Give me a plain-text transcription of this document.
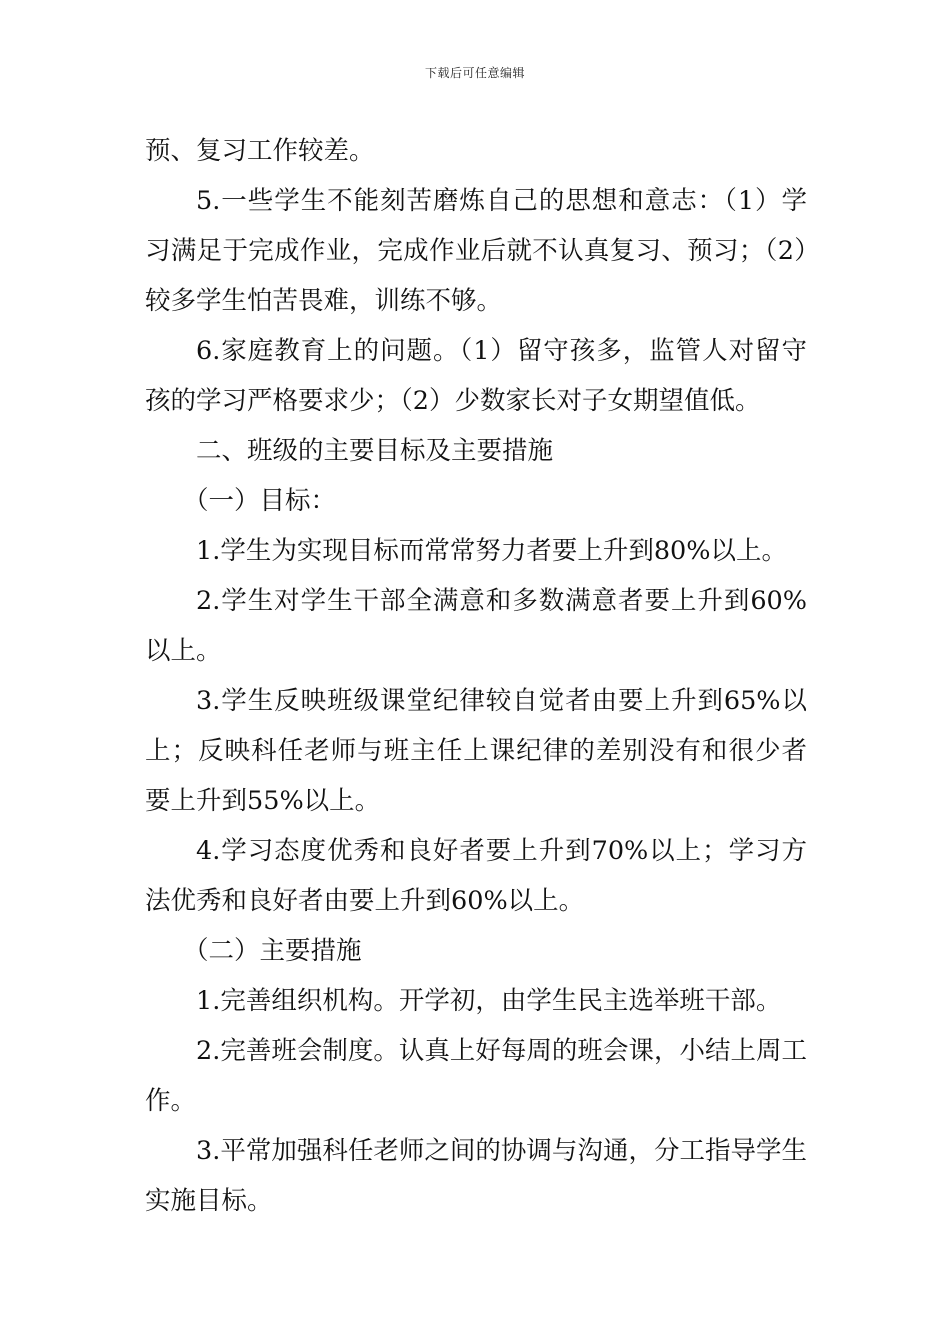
下载后可任意编辑

预、复习工作较差。

5.一些学生不能刻苦磨炼自己的思想和意志：（1）学习满足于完成作业，完成作业后就不认真复习、预习；（2）较多学生怕苦畏难，训练不够。

6.家庭教育上的问题。（1）留守孩多，监管人对留守孩的学习严格要求少；（2）少数家长对子女期望值低。

二、班级的主要目标及主要措施

（一）目标：

1.学生为实现目标而常常努力者要上升到80%以上。

2.学生对学生干部全满意和多数满意者要上升到60%以上。

3.学生反映班级课堂纪律较自觉者由要上升到65%以上；反映科任老师与班主任上课纪律的差别没有和很少者要上升到55%以上。

4.学习态度优秀和良好者要上升到70%以上；学习方法优秀和良好者由要上升到60%以上。

（二）主要措施

1.完善组织机构。开学初，由学生民主选举班干部。

2.完善班会制度。认真上好每周的班会课，小结上周工作。

3.平常加强科任老师之间的协调与沟通，分工指导学生实施目标。
